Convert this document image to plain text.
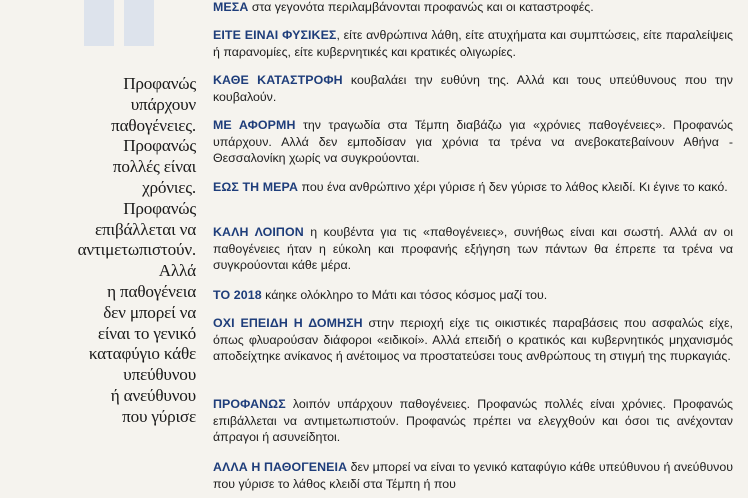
Προφανώς
υπάρχουν
παθογένειες.
Προφανώς
πολλές είναι
χρόνιες.
Προφανώς
επιβάλλεται να
αντιμετωπιστούν.
Αλλά
η παθογένεια
δεν μπορεί να
είναι το γενικό
καταφύγιο κάθε
υπεύθυνου
ή ανεύθυνου
που γύρισε

ΜΕΣΑ στα γεγονότα περιλαμβάνονται προφανώς και οι καταστροφές.

ΕΙΤΕ ΕΙΝΑΙ ΦΥΣΙΚΕΣ, είτε ανθρώπινα λάθη, είτε ατυχήματα και συμπτώσεις, είτε παραλείψεις ή παρανομίες, είτε κυβερνητικές και κρατικές ολιγωρίες.

ΚΑΘΕ ΚΑΤΑΣΤΡΟΦΗ κουβαλάει την ευθύνη της. Αλλά και τους υπεύθυνους που την κουβαλούν.

ΜΕ ΑΦΟΡΜΗ την τραγωδία στα Τέμπη διαβάζω για «χρόνιες παθογένειες». Προφανώς υπάρχουν. Αλλά δεν εμποδίσαν για χρόνια τα τρένα να ανεβοκατεβαίνουν Αθήνα - Θεσσαλονίκη χωρίς να συγκρούονται.

ΕΩΣ ΤΗ ΜΕΡΑ που ένα ανθρώπινο χέρι γύρισε ή δεν γύρισε το λάθος κλειδί. Κι έγινε το κακό.

ΚΑΛΗ ΛΟΙΠΟΝ η κουβέντα για τις «παθογένειες», συνήθως είναι και σωστή. Αλλά αν οι παθογένειες ήταν η εύκολη και προφανής εξήγηση των πάντων θα έπρεπε τα τρένα να συγκρούονται κάθε μέρα.

ΤΟ 2018 κάηκε ολόκληρο το Μάτι και τόσος κόσμος μαζί του.

ΟΧΙ ΕΠΕΙΔΗ Η ΔΟΜΗΣΗ στην περιοχή είχε τις οικιστικές παραβάσεις που ασφαλώς είχε, όπως φλυαρούσαν διάφοροι «ειδικοί». Αλλά επειδή ο κρατικός και κυβερνητικός μηχανισμός αποδείχτηκε ανίκανος ή ανέτοιμος να προστατεύσει τους ανθρώπους τη στιγμή της πυρκαγιάς.

ΠΡΟΦΑΝΩΣ λοιπόν υπάρχουν παθογένειες. Προφανώς πολλές είναι χρόνιες. Προφανώς επιβάλλεται να αντιμετωπιστούν. Προφανώς πρέπει να ελεγχθούν και όσοι τις ανέχονταν άπραγοι ή ασυνείδητοι.

ΑΛΛΑ Η ΠΑΘΟΓΕΝΕΙΑ δεν μπορεί να είναι το γενικό καταφύγιο κάθε υπεύθυνου ή ανεύθυνου που γύρισε το λάθος κλειδί στα Τέμπη ή που
